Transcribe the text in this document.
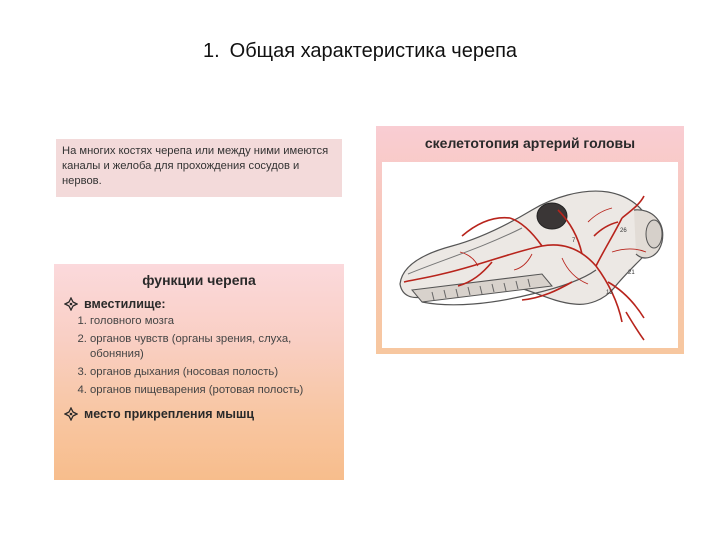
1. Общая характеристика черепа
На многих костях черепа или между ними имеются каналы и желоба для прохождения сосудов и нервов.
функции черепа
вместилище:
1. головного мозга
2. органов чувств (органы зрения, слуха, обоняния)
3. органов дыхания (носовая полость)
4. органов пищеварения (ротовая полость)
место прикрепления мышц
скелетотопия артерий головы
26
21
13
7
